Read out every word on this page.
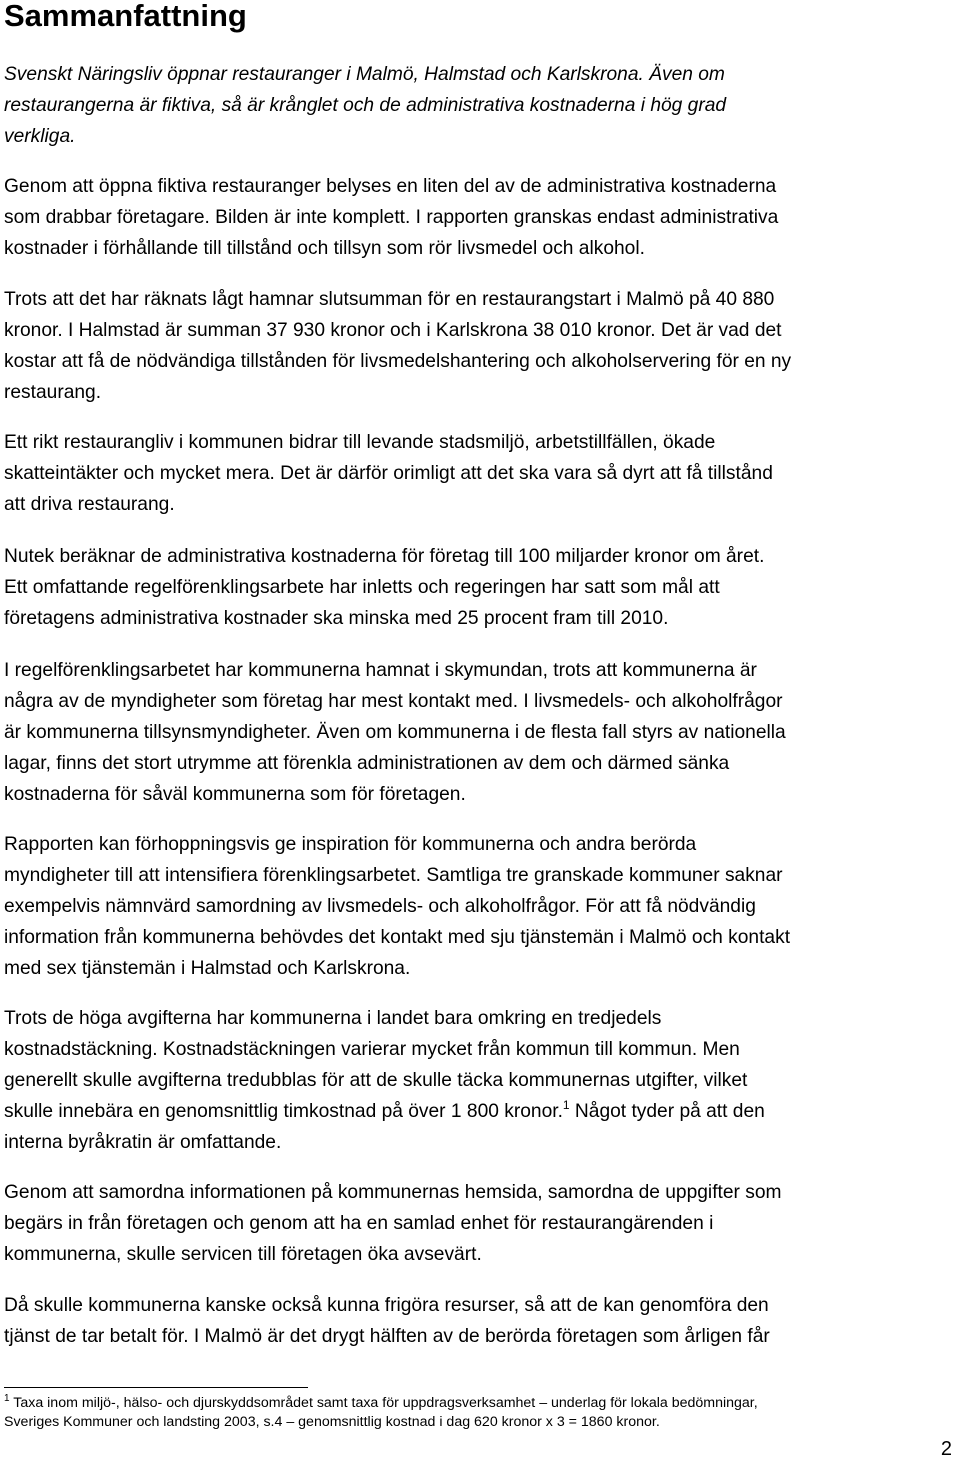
Sammanfattning
Svenskt Näringsliv öppnar restauranger i Malmö, Halmstad och Karlskrona. Även om
restaurangerna är fiktiva, så är krånglet och de administrativa kostnaderna i hög grad
verkliga.
Genom att öppna fiktiva restauranger belyses en liten del av de administrativa kostnaderna
som drabbar företagare. Bilden är inte komplett. I rapporten granskas endast administrativa
kostnader i förhållande till tillstånd och tillsyn som rör livsmedel och alkohol.
Trots att det har räknats lågt hamnar slutsumman för en restaurangstart i Malmö på 40 880
kronor. I Halmstad är summan 37 930 kronor och i Karlskrona 38 010 kronor. Det är vad det
kostar att få de nödvändiga tillstånden för livsmedelshantering och alkoholservering för en ny
restaurang.
Ett rikt restaurangliv i kommunen bidrar till levande stadsmiljö, arbetstillfällen, ökade
skatteintäkter och mycket mera. Det är därför orimligt att det ska vara så dyrt att få tillstånd
att driva restaurang.
Nutek beräknar de administrativa kostnaderna för företag till 100 miljarder kronor om året.
Ett omfattande regelförenklingsarbete har inletts och regeringen har satt som mål att
företagens administrativa kostnader ska minska med 25 procent fram till 2010.
I regelförenklingsarbetet har kommunerna hamnat i skymundan, trots att kommunerna är
några av de myndigheter som företag har mest kontakt med. I livsmedels- och alkoholfrågor
är kommunerna tillsynsmyndigheter. Även om kommunerna i de flesta fall styrs av nationella
lagar, finns det stort utrymme att förenkla administrationen av dem och därmed sänka
kostnaderna för såväl kommunerna som för företagen.
Rapporten kan förhoppningsvis ge inspiration för kommunerna och andra berörda
myndigheter till att intensifiera förenklingsarbetet. Samtliga tre granskade kommuner saknar
exempelvis nämnvärd samordning av livsmedels- och alkoholfrågor. För att få nödvändig
information från kommunerna behövdes det kontakt med sju tjänstemän i Malmö och kontakt
med sex tjänstemän i Halmstad och Karlskrona.
Trots de höga avgifterna har kommunerna i landet bara omkring en tredjedels
kostnadstäckning. Kostnadstäckningen varierar mycket från kommun till kommun. Men
generellt skulle avgifterna tredubblas för att de skulle täcka kommunernas utgifter, vilket
skulle innebära en genomsnittlig timkostnad på över 1 800 kronor.$^1$ Något tyder på att den
interna byråkratin är omfattande.
Genom att samordna informationen på kommunernas hemsida, samordna de uppgifter som
begärs in från företagen och genom att ha en samlad enhet för restaurangärenden i
kommunerna, skulle servicen till företagen öka avsevärt.
Då skulle kommunerna kanske också kunna frigöra resurser, så att de kan genomföra den
tjänst de tar betalt för. I Malmö är det drygt hälften av de berörda företagen som årligen får
$^1$ Taxa inom miljö-, hälso- och djurskyddsområdet samt taxa för uppdragsverksamhet – underlag för lokala bedömningar,
Sveriges Kommuner och landsting 2003, s.4 – genomsnittlig kostnad i dag 620 kronor x 3 = 1860 kronor.
2
